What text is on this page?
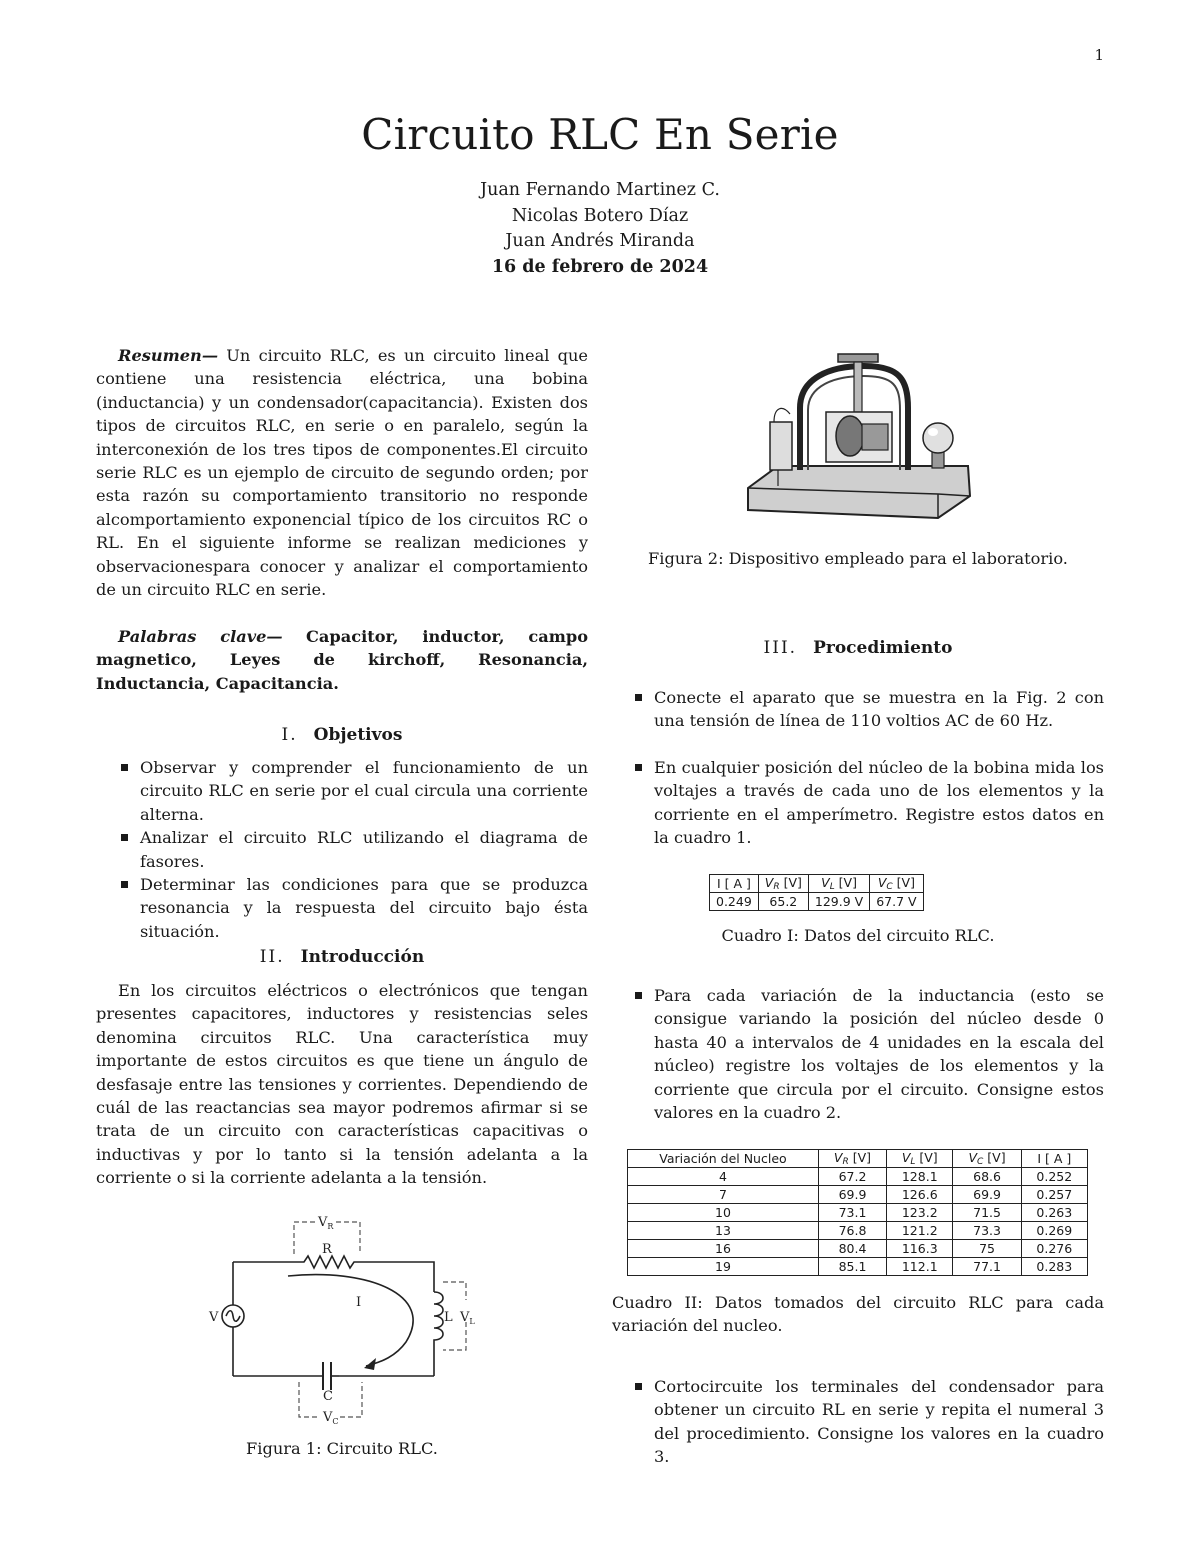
1
Circuito RLC En Serie
Juan Fernando Martinez C.
Nicolas Botero Díaz
Juan Andrés Miranda
16 de febrero de 2024

Resumen— Un circuito RLC, es un circuito lineal que contiene una resistencia eléctrica, una bobina (inductancia) y un condensador(capacitancia). Existen dos tipos de circuitos RLC, en serie o en paralelo, según la interconexión de los tres tipos de componentes.El circuito serie RLC es un ejemplo de circuito de segundo orden; por esta razón su comportamiento transitorio no responde alcomportamiento exponencial típico de los circuitos RC o RL. En el siguiente informe se realizan mediciones y observacionespara conocer y analizar el comportamiento de un circuito RLC en serie.

Palabras clave— Capacitor, inductor, campo magnetico, Leyes de kirchoff, Resonancia, Inductancia, Capacitancia.

I. Objetivos
Observar y comprender el funcionamiento de un circuito RLC en serie por el cual circula una corriente alterna.
Analizar el circuito RLC utilizando el diagrama de fasores.
Determinar las condiciones para que se produzca resonancia y la respuesta del circuito bajo ésta situación.
II. Introducción

En los circuitos eléctricos o electrónicos que tengan presentes capacitores, inductores y resistencias seles denomina circuitos RLC. Una característica muy importante de estos circuitos es que tiene un ángulo de desfasaje entre las tensiones y corrientes. Dependiendo de cuál de las reactancias sea mayor podremos afirmar si se trata de un circuito con características capacitivas o inductivas y por lo tanto si la tensión adelanta a la corriente o si la corriente adelanta a la tensión.

$V_R$
R
I
V	L $V_L$
C
$V_C$
Figura 1: Circuito RLC.
Figura 2: Dispositivo empleado para el laboratorio.
III. Procedimiento
Conecte el aparato que se muestra en la Fig. 2 con una tensión de línea de 110 voltios AC de 60 Hz.
En cualquier posición del núcleo de la bobina mida los voltajes a través de cada uno de los elementos y la corriente en el amperímetro. Registre estos datos en la cuadro 1.
I [ A ]	$V_R$ [V]	$V_L$ [V]	$V_C$ [V]
0.249	65.2	129.9 V	67.7 V
Cuadro I: Datos del circuito RLC.
Para cada variación de la inductancia (esto se consigue variando la posición del núcleo desde 0 hasta 40 a intervalos de 4 unidades en la escala del núcleo) registre los voltajes de los elementos y la corriente que circula por el circuito. Consigne estos valores en la cuadro 2.
Variación del Nucleo	$V_R$ [V]	$V_L$ [V]	$V_C$ [V]	I [ A ]
4	67.2	128.1	68.6	0.252
7	69.9	126.6	69.9	0.257
10	73.1	123.2	71.5	0.263
13	76.8	121.2	73.3	0.269
16	80.4	116.3	75	0.276
19	85.1	112.1	77.1	0.283
Cuadro II: Datos tomados del circuito RLC para cada variación del nucleo.
Cortocircuite los terminales del condensador para obtener un circuito RL en serie y repita el numeral 3 del procedimiento. Consigne los valores en la cuadro 3.
